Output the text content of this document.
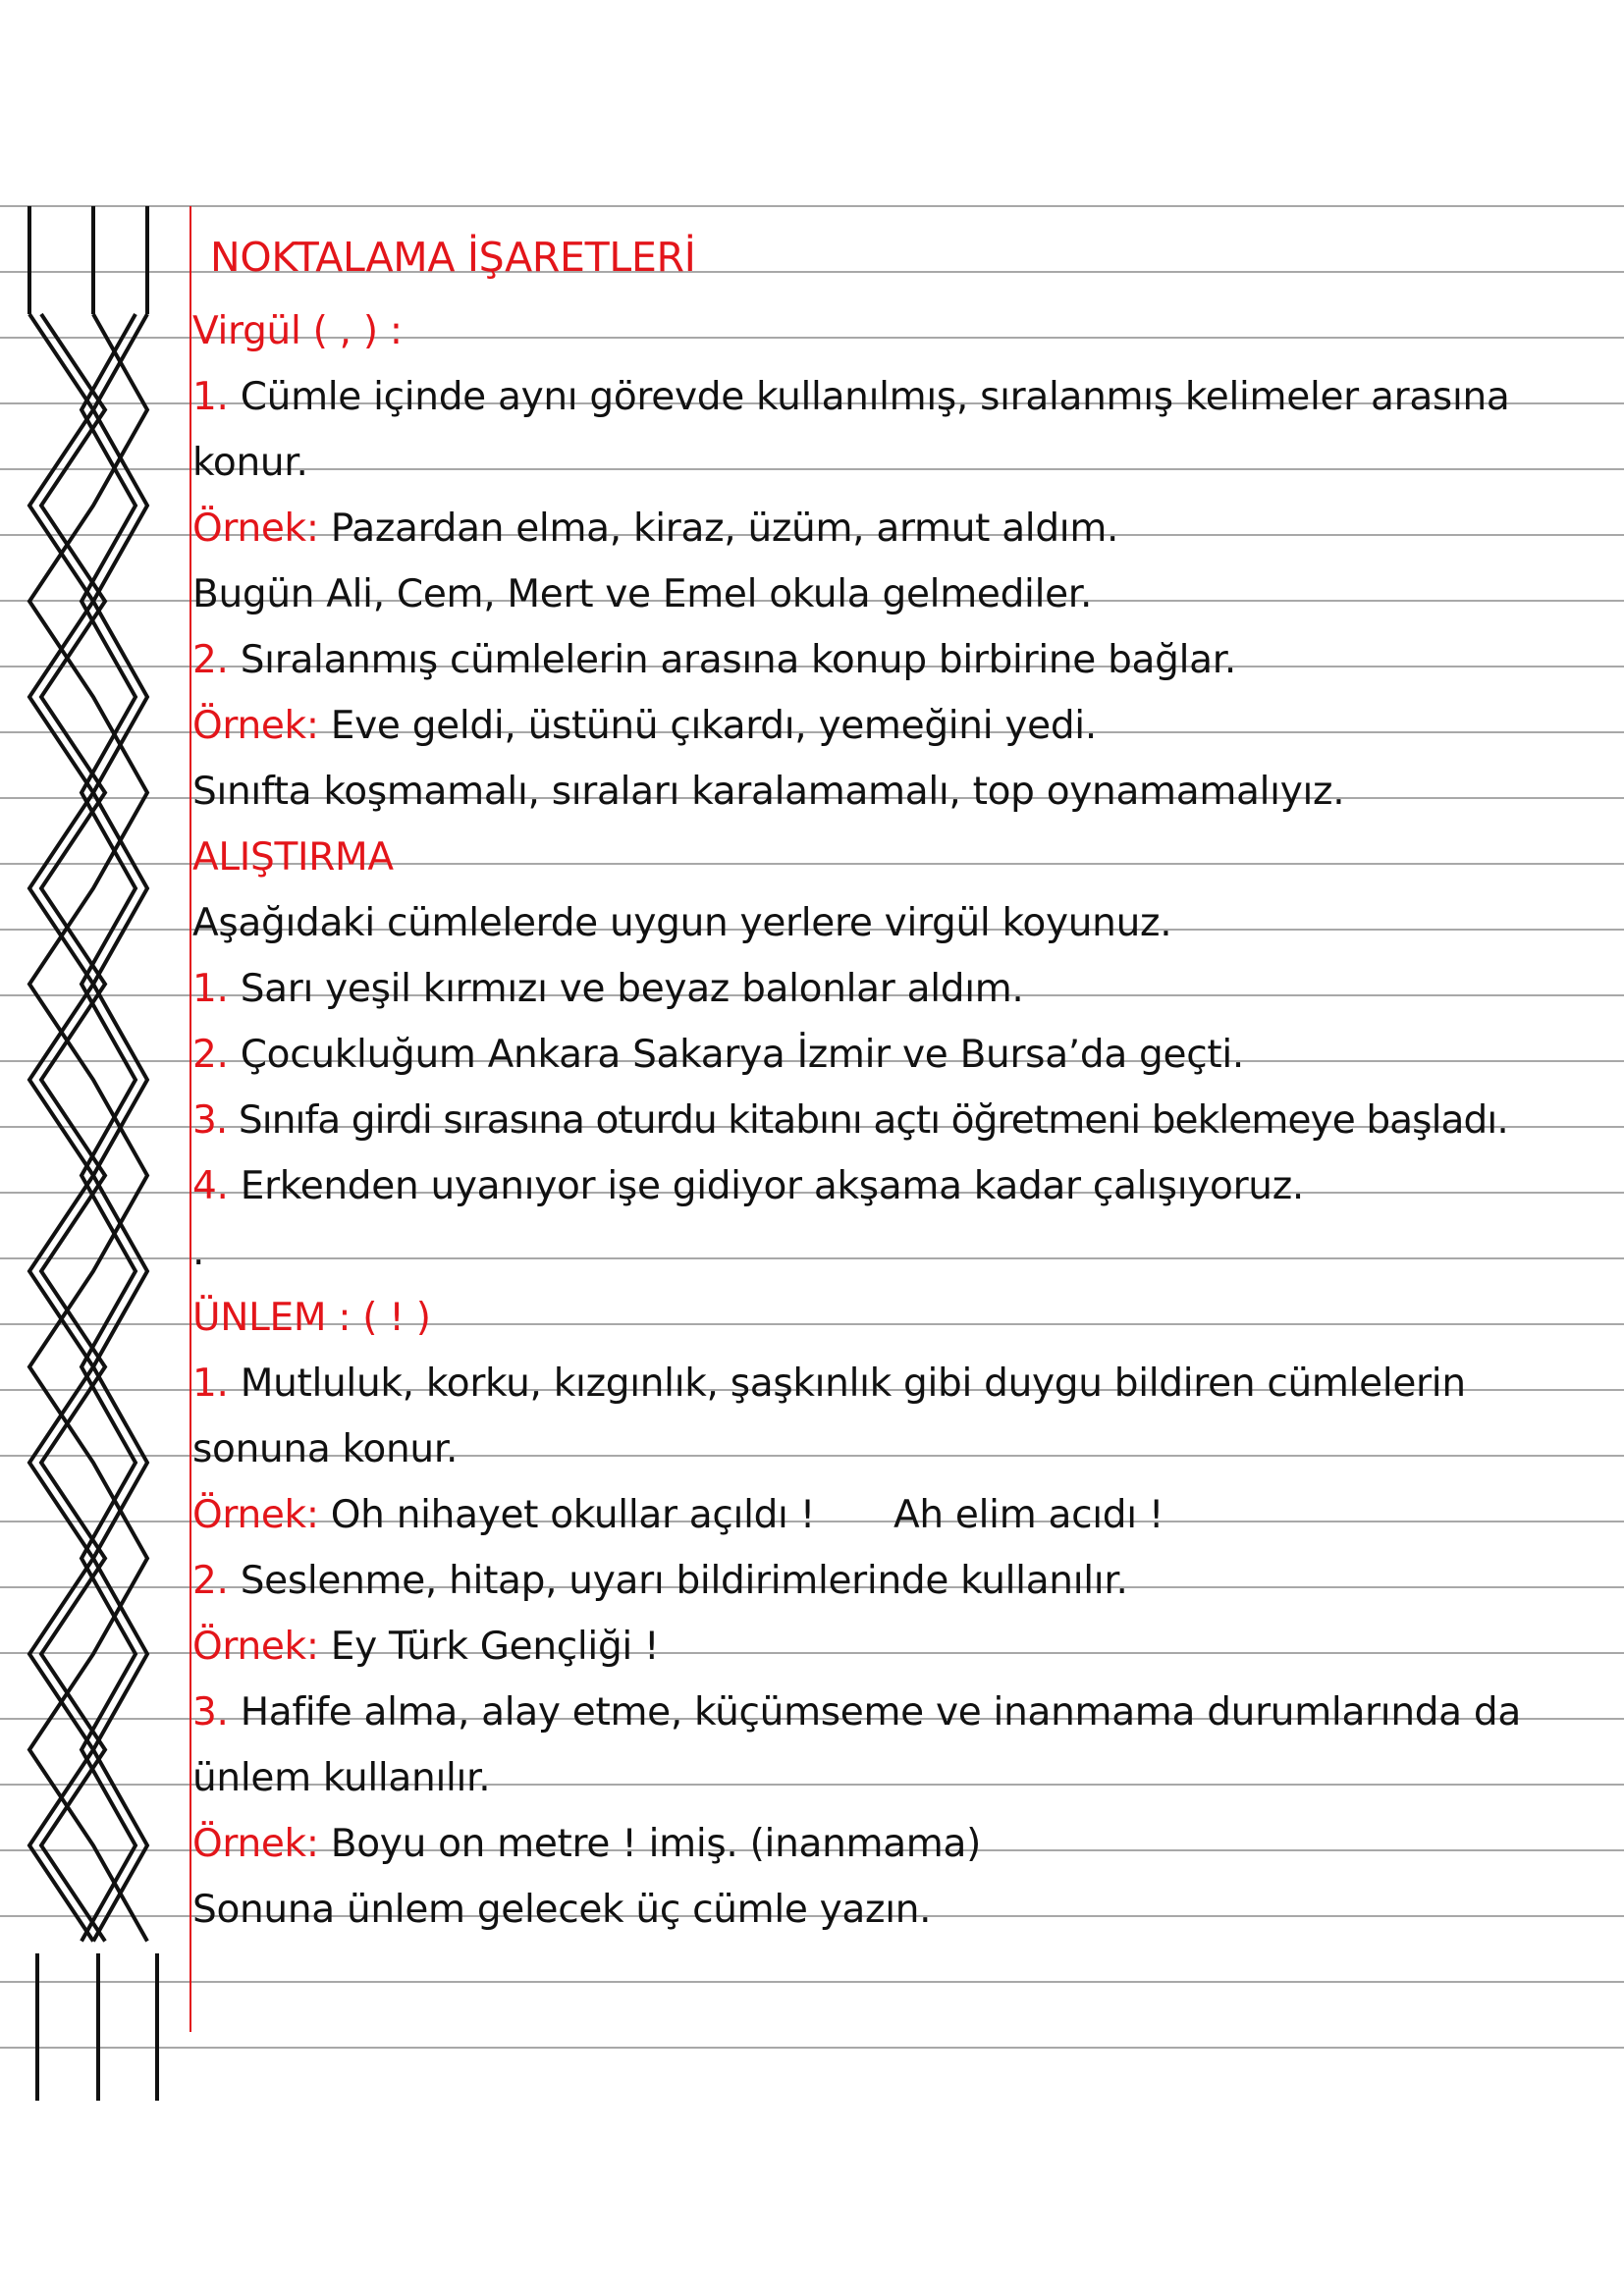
NOKTALAMA İŞARETLERİ
Virgül ( , ) :
1. Cümle içinde aynı görevde kullanılmış, sıralanmış kelimeler arasına
konur.
Örnek: Pazardan elma, kiraz, üzüm, armut aldım.
Bugün Ali, Cem, Mert ve Emel okula gelmediler.
2. Sıralanmış cümlelerin arasına konup birbirine bağlar.
Örnek: Eve geldi, üstünü çıkardı, yemeğini yedi.
Sınıfta koşmamalı, sıraları karalamamalı, top oynamamalıyız.
ALIŞTIRMA
Aşağıdaki cümlelerde uygun yerlere virgül koyunuz.
1. Sarı yeşil kırmızı ve beyaz balonlar aldım.
2. Çocukluğum Ankara Sakarya İzmir ve Bursa’da geçti.
3. Sınıfa girdi sırasına oturdu kitabını açtı öğretmeni beklemeye başladı.
4. Erkenden uyanıyor işe gidiyor akşama kadar çalışıyoruz.
.
ÜNLEM : ( ! )
1. Mutluluk, korku, kızgınlık, şaşkınlık gibi duygu bildiren cümlelerin
sonuna konur.
Örnek: Oh nihayet okullar açıldı ! Ah elim acıdı !
2. Seslenme, hitap, uyarı bildirimlerinde kullanılır.
Örnek: Ey Türk Gençliği !
3. Hafife alma, alay etme, küçümseme ve inanmama durumlarında da
ünlem kullanılır.
Örnek: Boyu on metre ! imiş. (inanmama)
Sonuna ünlem gelecek üç cümle yazın.
